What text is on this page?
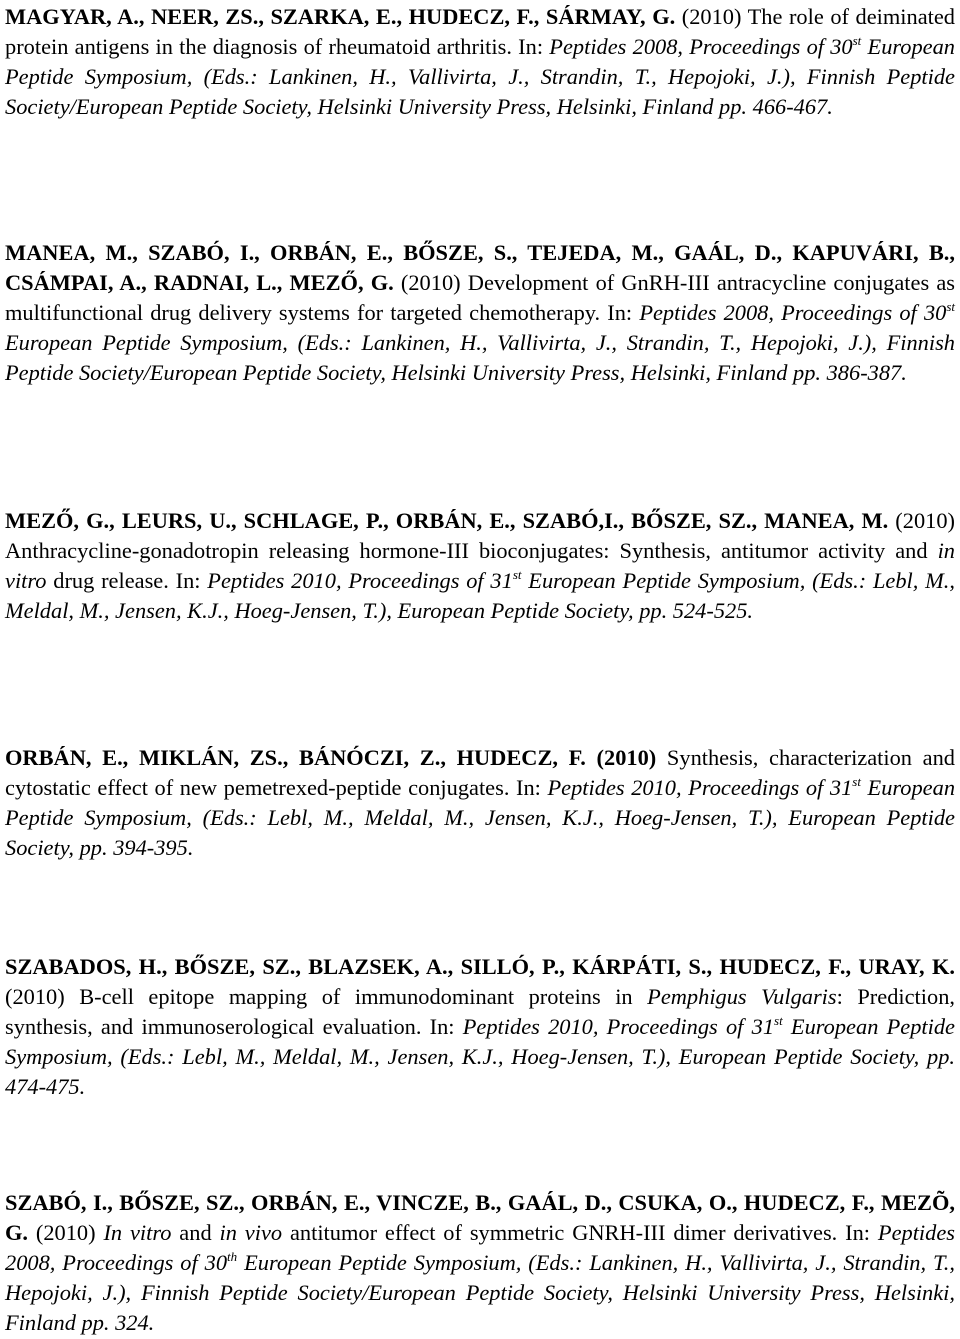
MAGYAR, A., NEER, ZS., SZARKA, E., HUDECZ, F., SÁRMAY, G. (2010) The role of deiminated protein antigens in the diagnosis of rheumatoid arthritis. In: Peptides 2008, Proceedings of 30st European Peptide Symposium, (Eds.: Lankinen, H., Vallivirta, J., Strandin, T., Hepojoki, J.), Finnish Peptide Society/European Peptide Society, Helsinki University Press, Helsinki, Finland pp. 466-467.

MANEA, M., SZABÓ, I., ORBÁN, E., BŐSZE, S., TEJEDA, M., GAÁL, D., KAPUVÁRI, B., CSÁMPAI, A., RADNAI, L., MEZŐ, G. (2010) Development of GnRH-III antracycline conjugates as multifunctional drug delivery systems for targeted chemotherapy. In: Peptides 2008, Proceedings of 30st European Peptide Symposium, (Eds.: Lankinen, H., Vallivirta, J., Strandin, T., Hepojoki, J.), Finnish Peptide Society/European Peptide Society, Helsinki University Press, Helsinki, Finland pp. 386-387.

MEZŐ, G., LEURS, U., SCHLAGE, P., ORBÁN, E., SZABÓ,I., BŐSZE, SZ., MANEA, M. (2010) Anthracycline-gonadotropin releasing hormone-III bioconjugates: Synthesis, antitumor activity and in vitro drug release. In: Peptides 2010, Proceedings of 31st European Peptide Symposium, (Eds.: Lebl, M., Meldal, M., Jensen, K.J., Hoeg-Jensen, T.), European Peptide Society, pp. 524-525.

ORBÁN, E., MIKLÁN, ZS., BÁNÓCZI, Z., HUDECZ, F. (2010) Synthesis, characterization and cytostatic effect of new pemetrexed-peptide conjugates. In: Peptides 2010, Proceedings of 31st European Peptide Symposium, (Eds.: Lebl, M., Meldal, M., Jensen, K.J., Hoeg-Jensen, T.), European Peptide Society, pp. 394-395.

SZABADOS, H., BŐSZE, SZ., BLAZSEK, A., SILLÓ, P., KÁRPÁTI, S., HUDECZ, F., URAY, K. (2010) B-cell epitope mapping of immunodominant proteins in Pemphigus Vulgaris: Prediction, synthesis, and immunoserological evaluation. In: Peptides 2010, Proceedings of 31st European Peptide Symposium, (Eds.: Lebl, M., Meldal, M., Jensen, K.J., Hoeg-Jensen, T.), European Peptide Society, pp. 474-475.

SZABÓ, I., BŐSZE, SZ., ORBÁN, E., VINCZE, B., GAÁL, D., CSUKA, O., HUDECZ, F., MEZÕ, G. (2010) In vitro and in vivo antitumor effect of symmetric GNRH-III dimer derivatives. In: Peptides 2008, Proceedings of 30th European Peptide Symposium, (Eds.: Lankinen, H., Vallivirta, J., Strandin, T., Hepojoki, J.), Finnish Peptide Society/European Peptide Society, Helsinki University Press, Helsinki, Finland pp. 324.
